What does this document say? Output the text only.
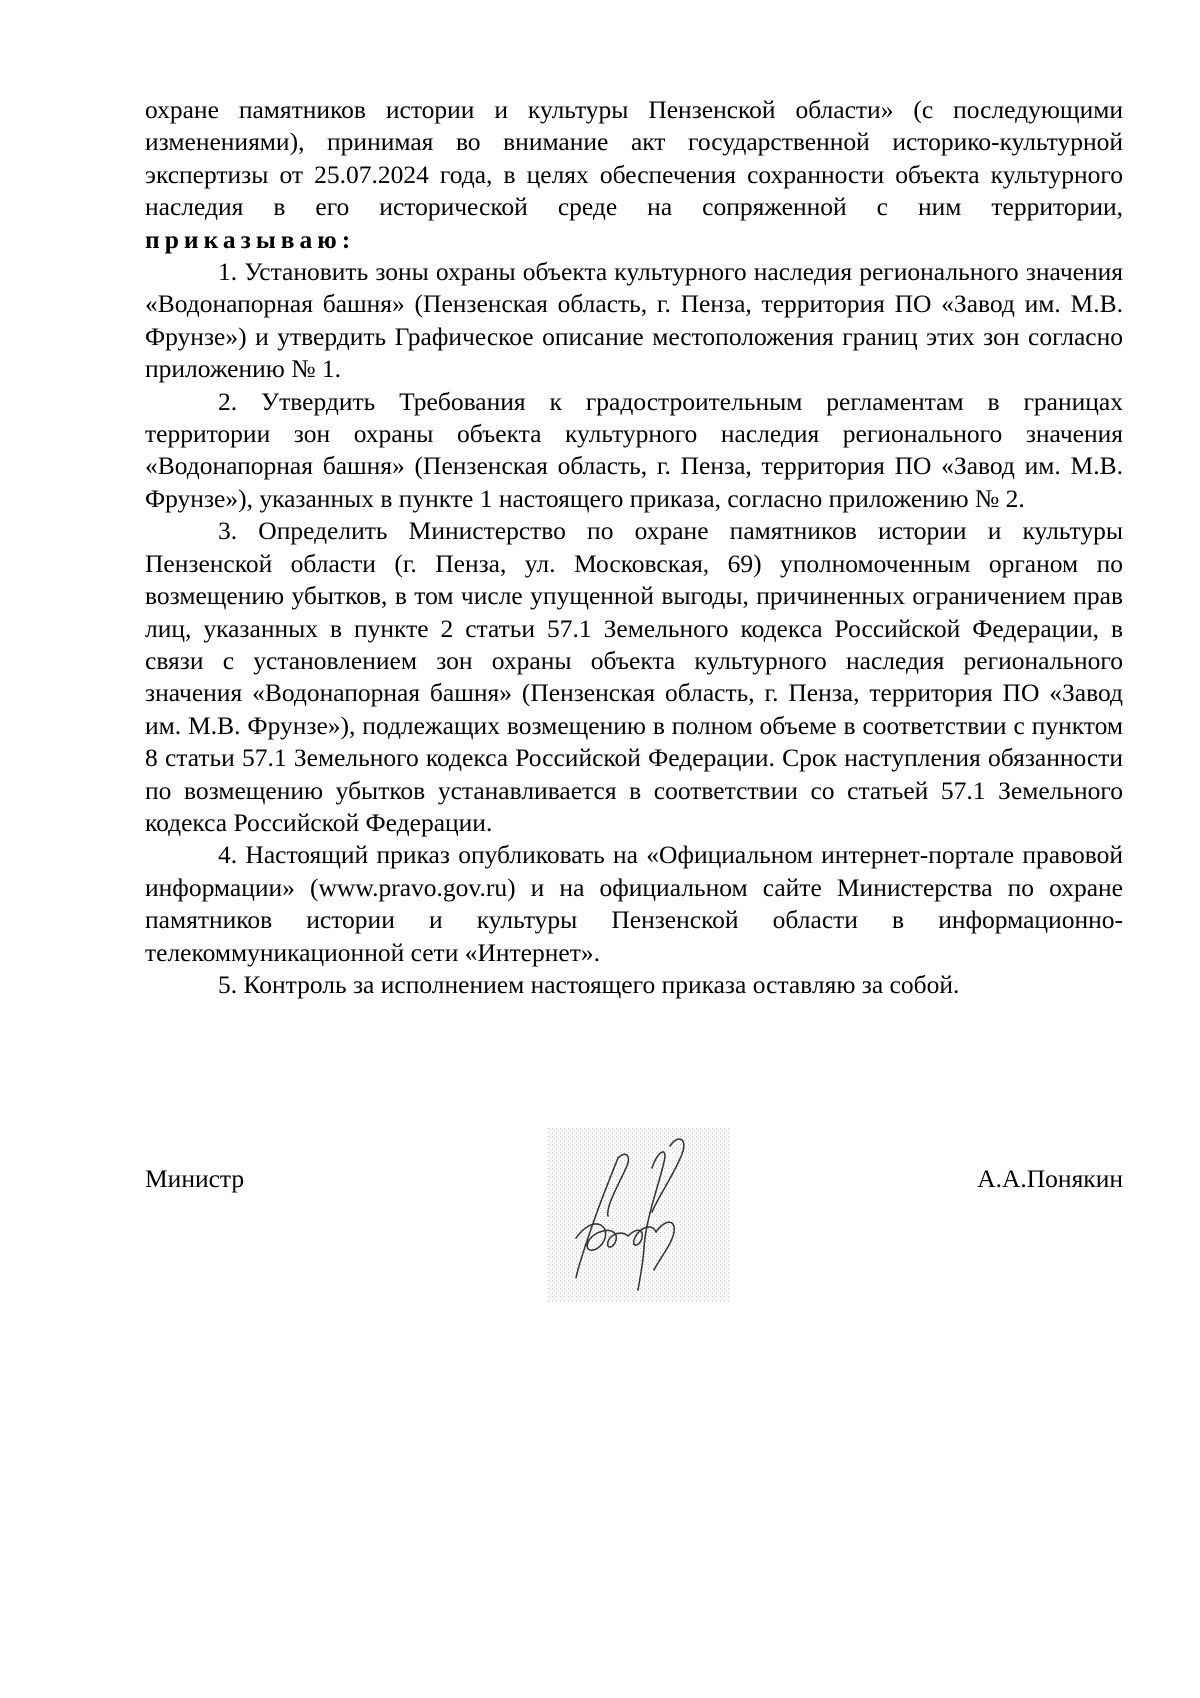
охране памятников истории и культуры Пензенской области» (с последующими изменениями), принимая во внимание акт государственной историко-культурной экспертизы от 25.07.2024 года, в целях обеспечения сохранности объекта культурного наследия в его исторической среде на сопряженной с ним территории, приказываю:

1. Установить зоны охраны объекта культурного наследия регионального значения «Водонапорная башня» (Пензенская область, г. Пенза, территория ПО «Завод им. М.В. Фрунзе») и утвердить Графическое описание местоположения границ этих зон согласно приложению № 1.

2. Утвердить Требования к градостроительным регламентам в границах территории зон охраны объекта культурного наследия регионального значения «Водонапорная башня» (Пензенская область, г. Пенза, территория ПО «Завод им. М.В. Фрунзе»), указанных в пункте 1 настоящего приказа, согласно приложению № 2.

3. Определить Министерство по охране памятников истории и культуры Пензенской области (г. Пенза, ул. Московская, 69) уполномоченным органом по возмещению убытков, в том числе упущенной выгоды, причиненных ограничением прав лиц, указанных в пункте 2 статьи 57.1 Земельного кодекса Российской Федерации, в связи с установлением зон охраны объекта культурного наследия регионального значения «Водонапорная башня» (Пензенская область, г. Пенза, территория ПО «Завод им. М.В. Фрунзе»), подлежащих возмещению в полном объеме в соответствии с пунктом 8 статьи 57.1 Земельного кодекса Российской Федерации. Срок наступления обязанности по возмещению убытков устанавливается в соответствии со статьей 57.1 Земельного кодекса Российской Федерации.

4. Настоящий приказ опубликовать на «Официальном интернет-портале правовой информации» (www.pravo.gov.ru) и на официальном сайте Министерства по охране памятников истории и культуры Пензенской области в информационно-телекоммуникационной сети «Интернет».

5. Контроль за исполнением настоящего приказа оставляю за собой.

Министр	А.А.Понякин
